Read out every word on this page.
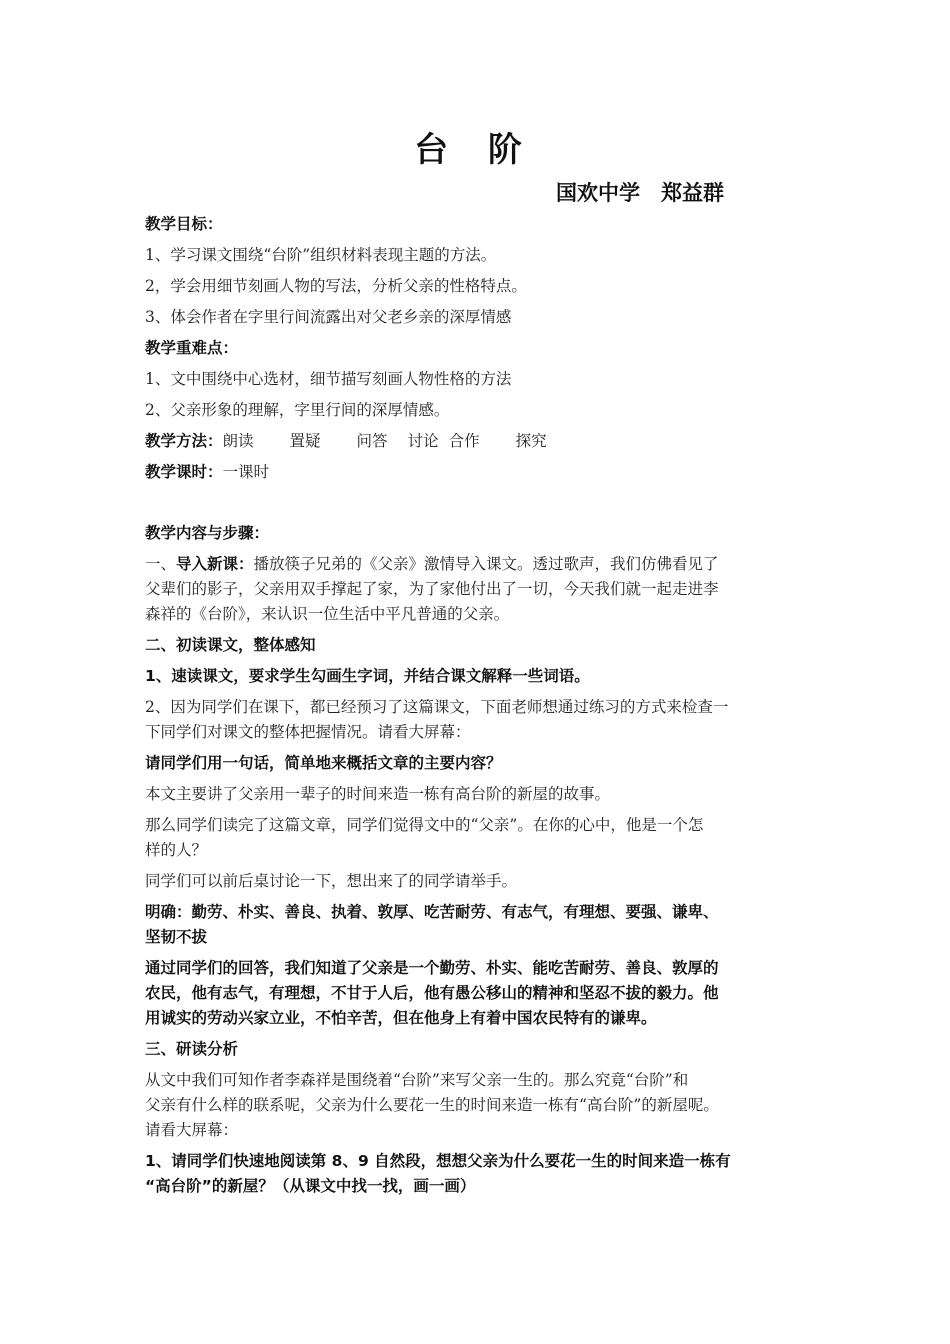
台 阶
国欢中学　郑益群
教学目标：
1、学习课文围绕“台阶”组织材料表现主题的方法。
2，学会用细节刻画人物的写法，分析父亲的性格特点。
3、体会作者在字里行间流露出对父老乡亲的深厚情感
教学重难点：
1、文中围绕中心选材，细节描写刻画人物性格的方法
2、父亲形象的理解，字里行间的深厚情感。
教学方法：朗读 置疑 问答 讨论 合作 探究
教学课时：一课时
教学内容与步骤：
一、导入新课：播放筷子兄弟的《父亲》激情导入课文。透过歌声，我们仿佛看见了
父辈们的影子，父亲用双手撑起了家，为了家他付出了一切，今天我们就一起走进李
森祥的《台阶》，来认识一位生活中平凡普通的父亲。
二、初读课文，整体感知
1、速读课文，要求学生勾画生字词，并结合课文解释一些词语。
2、因为同学们在课下，都已经预习了这篇课文，下面老师想通过练习的方式来检查一
下同学们对课文的整体把握情况。请看大屏幕：
请同学们用一句话，简单地来概括文章的主要内容？
本文主要讲了父亲用一辈子的时间来造一栋有高台阶的新屋的故事。
那么同学们读完了这篇文章，同学们觉得文中的“父亲”。在你的心中，他是一个怎
样的人？
同学们可以前后桌讨论一下，想出来了的同学请举手。
明确：勤劳、朴实、善良、执着、敦厚、吃苦耐劳、有志气，有理想、要强、谦卑、
坚韧不拔
通过同学们的回答，我们知道了父亲是一个勤劳、朴实、能吃苦耐劳、善良、敦厚的
农民，他有志气，有理想，不甘于人后，他有愚公移山的精神和坚忍不拔的毅力。他
用诚实的劳动兴家立业，不怕辛苦，但在他身上有着中国农民特有的谦卑。
三、研读分析
从文中我们可知作者李森祥是围绕着“台阶”来写父亲一生的。那么究竟“台阶”和
父亲有什么样的联系呢，父亲为什么要花一生的时间来造一栋有“高台阶”的新屋呢。
请看大屏幕：
1、请同学们快速地阅读第 8、9 自然段，想想父亲为什么要花一生的时间来造一栋有
“高台阶”的新屋？（从课文中找一找，画一画）
